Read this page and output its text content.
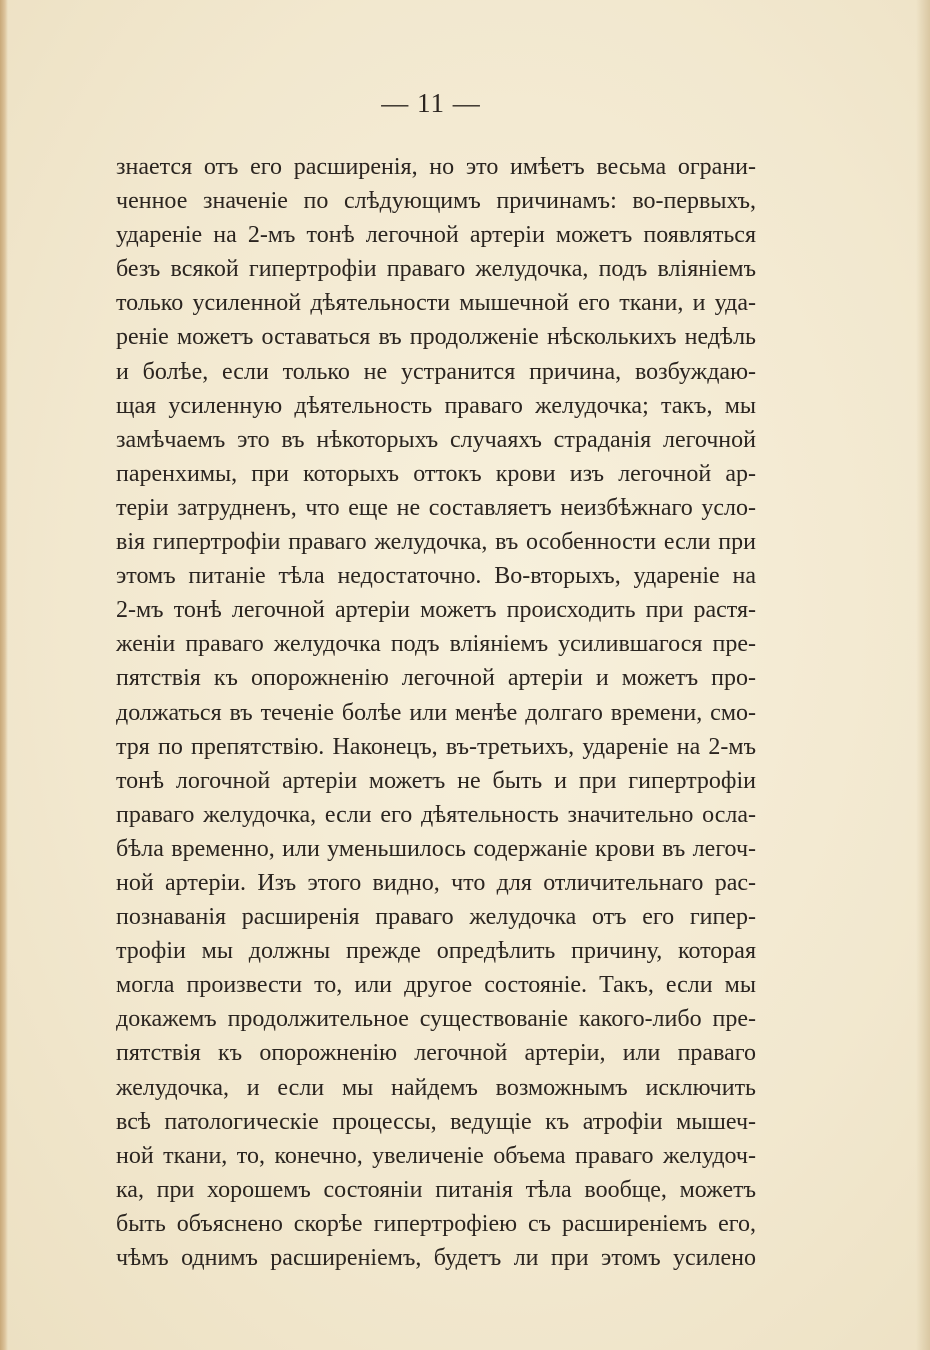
— 11 —
знается отъ его расширенія, но это имѣетъ весьма ограни-
ченное значеніе по слѣдующимъ причинамъ: во-первыхъ,
удареніе на 2-мъ тонѣ легочной артеріи можетъ появляться
безъ всякой гипертрофіи праваго желудочка, подъ вліяніемъ
только усиленной дѣятельности мышечной его ткани, и уда-
реніе можетъ оставаться въ продолженіе нѣсколькихъ недѣль
и болѣе, если только не устранится причина, возбуждаю-
щая усиленную дѣятельность праваго желудочка; такъ, мы
замѣчаемъ это въ нѣкоторыхъ случаяхъ страданія легочной
паренхимы, при которыхъ оттокъ крови изъ легочной ар-
теріи затрудненъ, что еще не составляетъ неизбѣжнаго усло-
вія гипертрофіи праваго желудочка, въ особенности если при
этомъ питаніе тѣла недостаточно. Во-вторыхъ, удареніе на
2-мъ тонѣ легочной артеріи можетъ происходить при растя-
женіи праваго желудочка подъ вліяніемъ усилившагося пре-
пятствія къ опорожненію легочной артеріи и можетъ про-
должаться въ теченіе болѣе или менѣе долгаго времени, смо-
тря по препятствію. Наконецъ, въ-третьихъ, удареніе на 2-мъ
тонѣ логочной артеріи можетъ не быть и при гипертрофіи
праваго желудочка, если его дѣятельность значительно осла-
бѣла временно, или уменьшилось содержаніе крови въ легоч-
ной артеріи. Изъ этого видно, что для отличительнаго рас-
познаванія расширенія праваго желудочка отъ его гипер-
трофіи мы должны прежде опредѣлить причину, которая
могла произвести то, или другое состояніе. Такъ, если мы
докажемъ продолжительное существованіе какого-либо пре-
пятствія къ опорожненію легочной артеріи, или праваго
желудочка, и если мы найдемъ возможнымъ исключить
всѣ патологическіе процессы, ведущіе къ атрофіи мышеч-
ной ткани, то, конечно, увеличеніе объема праваго желудоч-
ка, при хорошемъ состояніи питанія тѣла вообще, можетъ
быть объяснено скорѣе гипертрофіею съ расширеніемъ его,
чѣмъ однимъ расширеніемъ, будетъ ли при этомъ усилено
